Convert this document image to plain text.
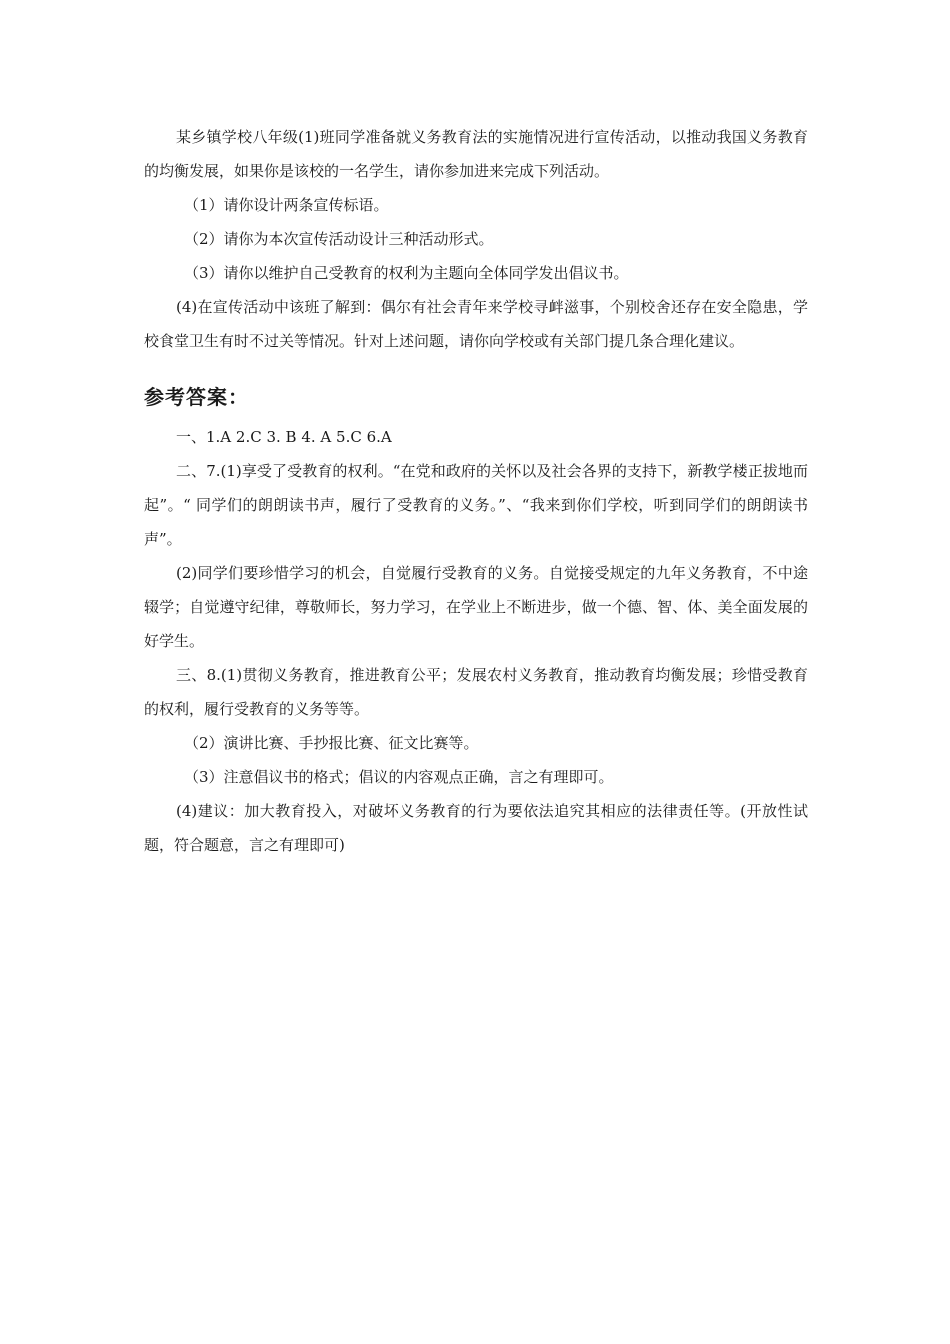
某乡镇学校八年级(1)班同学准备就义务教育法的实施情况进行宣传活动，以推动我国义务教育的均衡发展，如果你是该校的一名学生，请你参加进来完成下列活动。

（1）请你设计两条宣传标语。

（2）请你为本次宣传活动设计三种活动形式。

（3）请你以维护自己受教育的权利为主题向全体同学发出倡议书。

(4)在宣传活动中该班了解到：偶尔有社会青年来学校寻衅滋事，个别校舍还存在安全隐患，学校食堂卫生有时不过关等情况。针对上述问题，请你向学校或有关部门提几条合理化建议。

参考答案：

一、1.A 2.C 3. B 4. A 5.C 6.A

二、7.(1)享受了受教育的权利。“在党和政府的关怀以及社会各界的支持下，新教学楼正拔地而起”。“ 同学们的朗朗读书声，履行了受教育的义务。”、“我来到你们学校，听到同学们的朗朗读书声”。

(2)同学们要珍惜学习的机会，自觉履行受教育的义务。自觉接受规定的九年义务教育，不中途辍学；自觉遵守纪律，尊敬师长，努力学习，在学业上不断进步，做一个德、智、体、美全面发展的好学生。

三、8.(1)贯彻义务教育，推进教育公平；发展农村义务教育，推动教育均衡发展；珍惜受教育的权利，履行受教育的义务等等。

（2）演讲比赛、手抄报比赛、征文比赛等。

（3）注意倡议书的格式；倡议的内容观点正确，言之有理即可。

(4)建议：加大教育投入，对破坏义务教育的行为要依法追究其相应的法律责任等。(开放性试题，符合题意，言之有理即可)
